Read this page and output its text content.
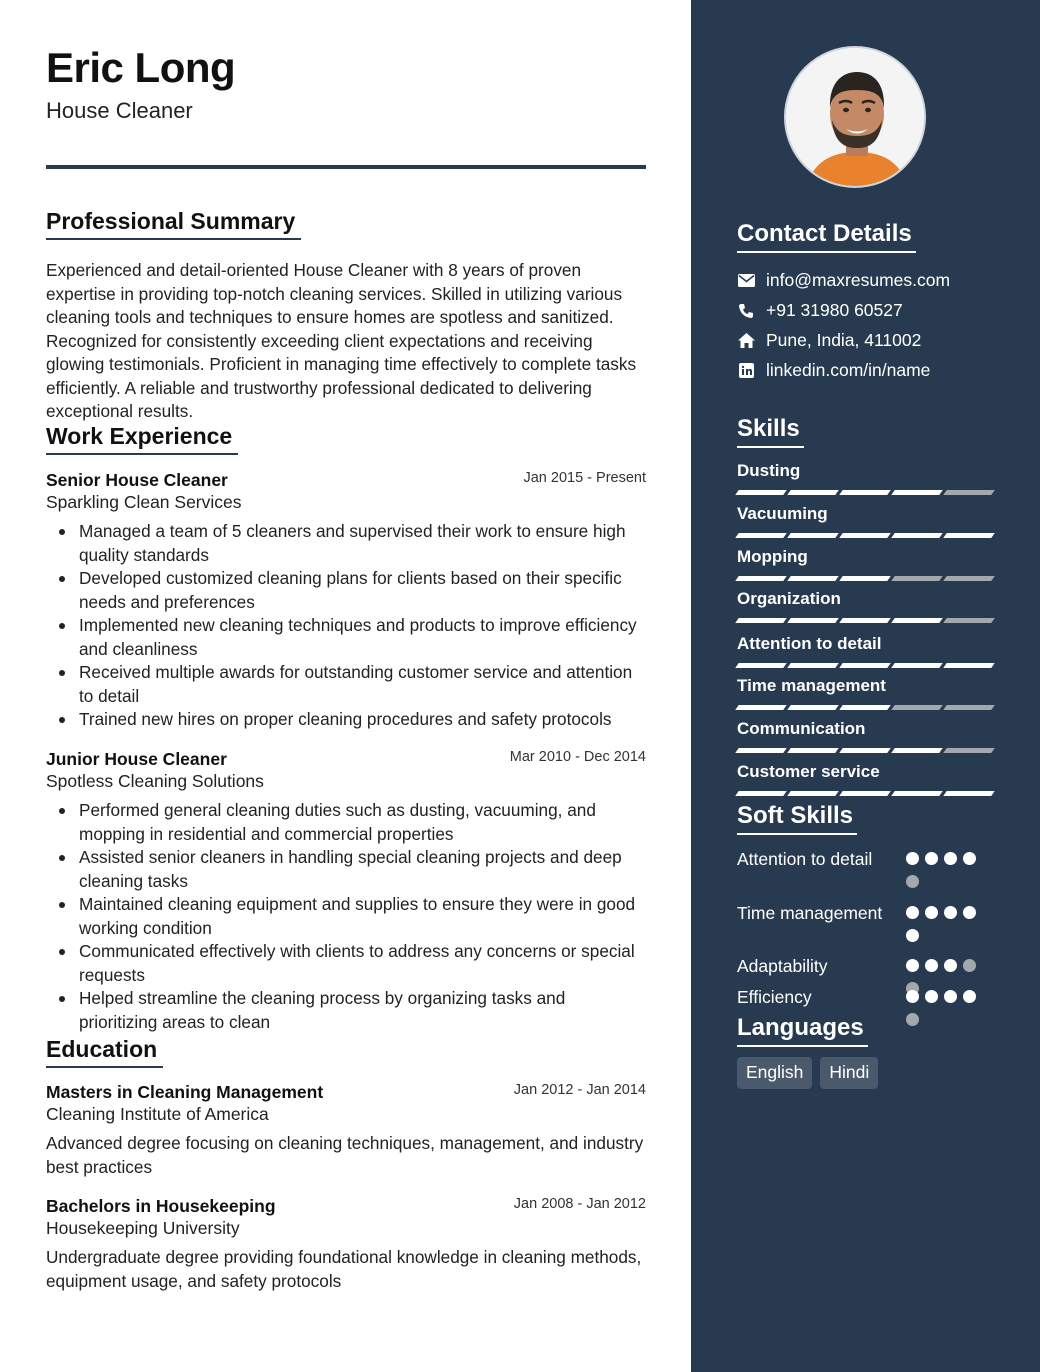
Eric Long
House Cleaner
Professional Summary
Experienced and detail-oriented House Cleaner with 8 years of proven expertise in providing top-notch cleaning services. Skilled in utilizing various cleaning tools and techniques to ensure homes are spotless and sanitized. Recognized for consistently exceeding client expectations and receiving glowing testimonials. Proficient in managing time effectively to complete tasks efficiently. A reliable and trustworthy professional dedicated to delivering exceptional results.
Work Experience
Senior House Cleaner	Jan 2015 - Present
Sparkling Clean Services
Managed a team of 5 cleaners and supervised their work to ensure high quality standards
Developed customized cleaning plans for clients based on their specific needs and preferences
Implemented new cleaning techniques and products to improve efficiency and cleanliness
Received multiple awards for outstanding customer service and attention to detail
Trained new hires on proper cleaning procedures and safety protocols
Junior House Cleaner	Mar 2010 - Dec 2014
Spotless Cleaning Solutions
Performed general cleaning duties such as dusting, vacuuming, and mopping in residential and commercial properties
Assisted senior cleaners in handling special cleaning projects and deep cleaning tasks
Maintained cleaning equipment and supplies to ensure they were in good working condition
Communicated effectively with clients to address any concerns or special requests
Helped streamline the cleaning process by organizing tasks and prioritizing areas to clean
Education
Masters in Cleaning Management	Jan 2012 - Jan 2014
Cleaning Institute of America
Advanced degree focusing on cleaning techniques, management, and industry best practices
Bachelors in Housekeeping	Jan 2008 - Jan 2012
Housekeeping University
Undergraduate degree providing foundational knowledge in cleaning methods, equipment usage, and safety protocols
Contact Details
info@maxresumes.com
+91 31980 60527
Pune, India, 411002
linkedin.com/in/name
Skills
Dusting
Vacuuming
Mopping
Organization
Attention to detail
Time management
Communication
Customer service
Soft Skills
Attention to detail
Time management
Adaptability
Efficiency
Languages
English	Hindi
